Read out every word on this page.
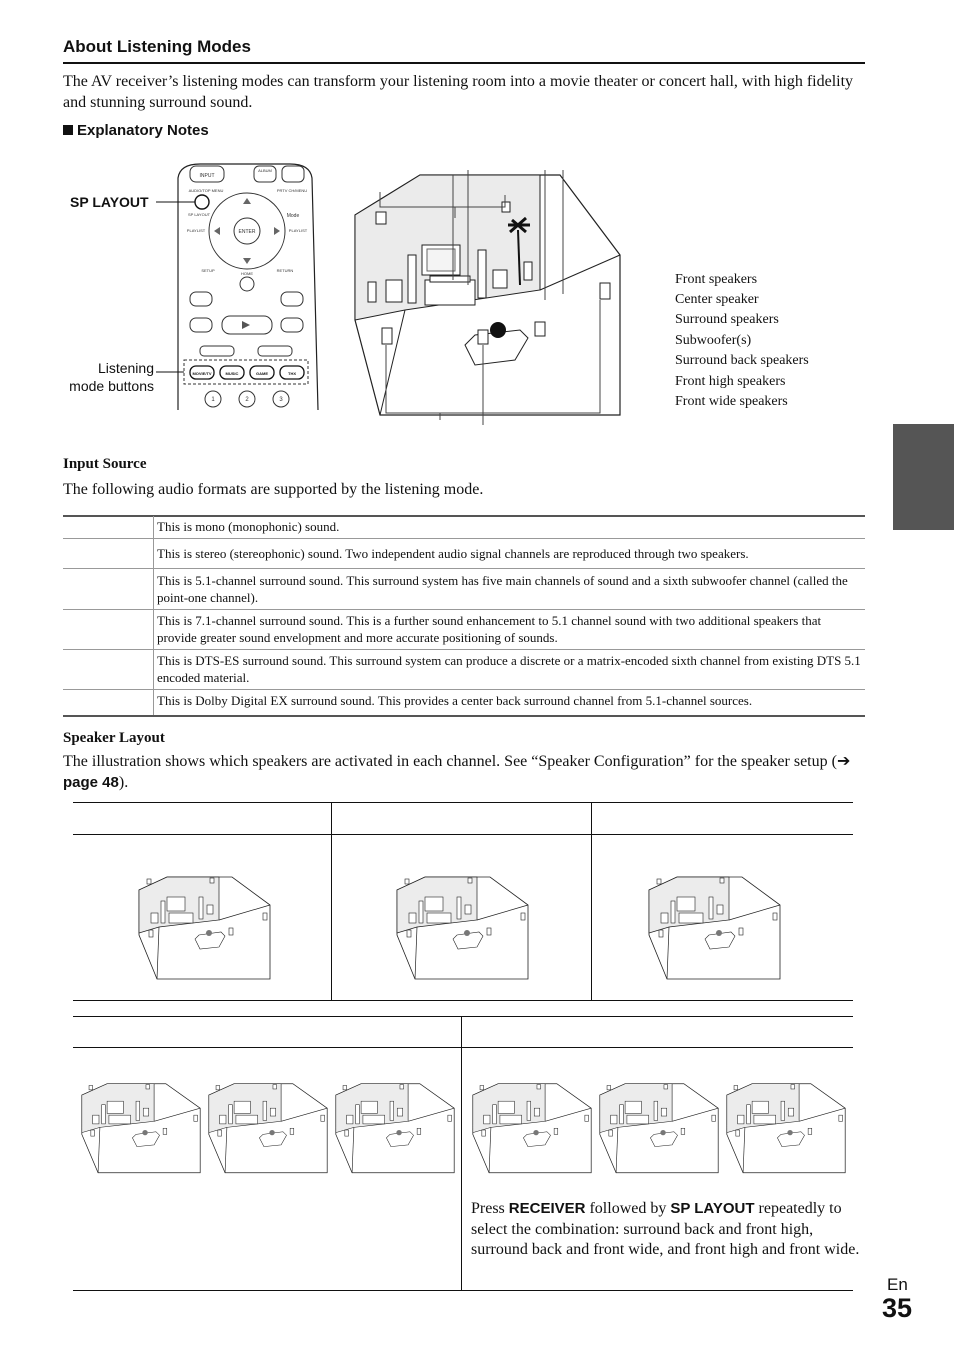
About Listening Modes
The AV receiver’s listening modes can transform your listening room into a movie theater or concert hall, with high fidelity and stunning surround sound.
Explanatory Notes
SP LAYOUT
Listening
mode buttons
INPUT
ALBUM
AUDIO/TOP MENU	PRTV CH/MENU
SP LAYOUT	Mode
PLAYLIST	PLAYLIST
ENTER
SETUP
HOME
RETURN
MOVIE/TV	MUSIC	GAME	THX
1	2	3
Front speakers
Center speaker
Surround speakers
Subwoofer(s)
Surround back speakers
Front high speakers
Front wide speakers
Input Source
The following audio formats are supported by the listening mode.
	This is mono (monophonic) sound.
	This is stereo (stereophonic) sound. Two independent audio signal channels are reproduced through two speakers.
	This is 5.1-channel surround sound. This surround system has five main channels of sound and a sixth subwoofer channel (called the point-one channel).
	This is 7.1-channel surround sound. This is a further sound enhancement to 5.1 channel sound with two additional speakers that provide greater sound envelopment and more accurate positioning of sounds.
	This is DTS-ES surround sound. This surround system can produce a discrete or a matrix-encoded sixth channel from existing DTS 5.1 encoded material.
	This is Dolby Digital EX surround sound. This provides a center back surround channel from 5.1-channel sources.
Speaker Layout
The illustration shows which speakers are activated in each channel. See “Speaker Configuration” for the speaker setup (➔ page 48).
Press RECEIVER followed by SP LAYOUT repeatedly to select the combination: surround back and front high, surround back and front wide, and front high and front wide.
En
35
